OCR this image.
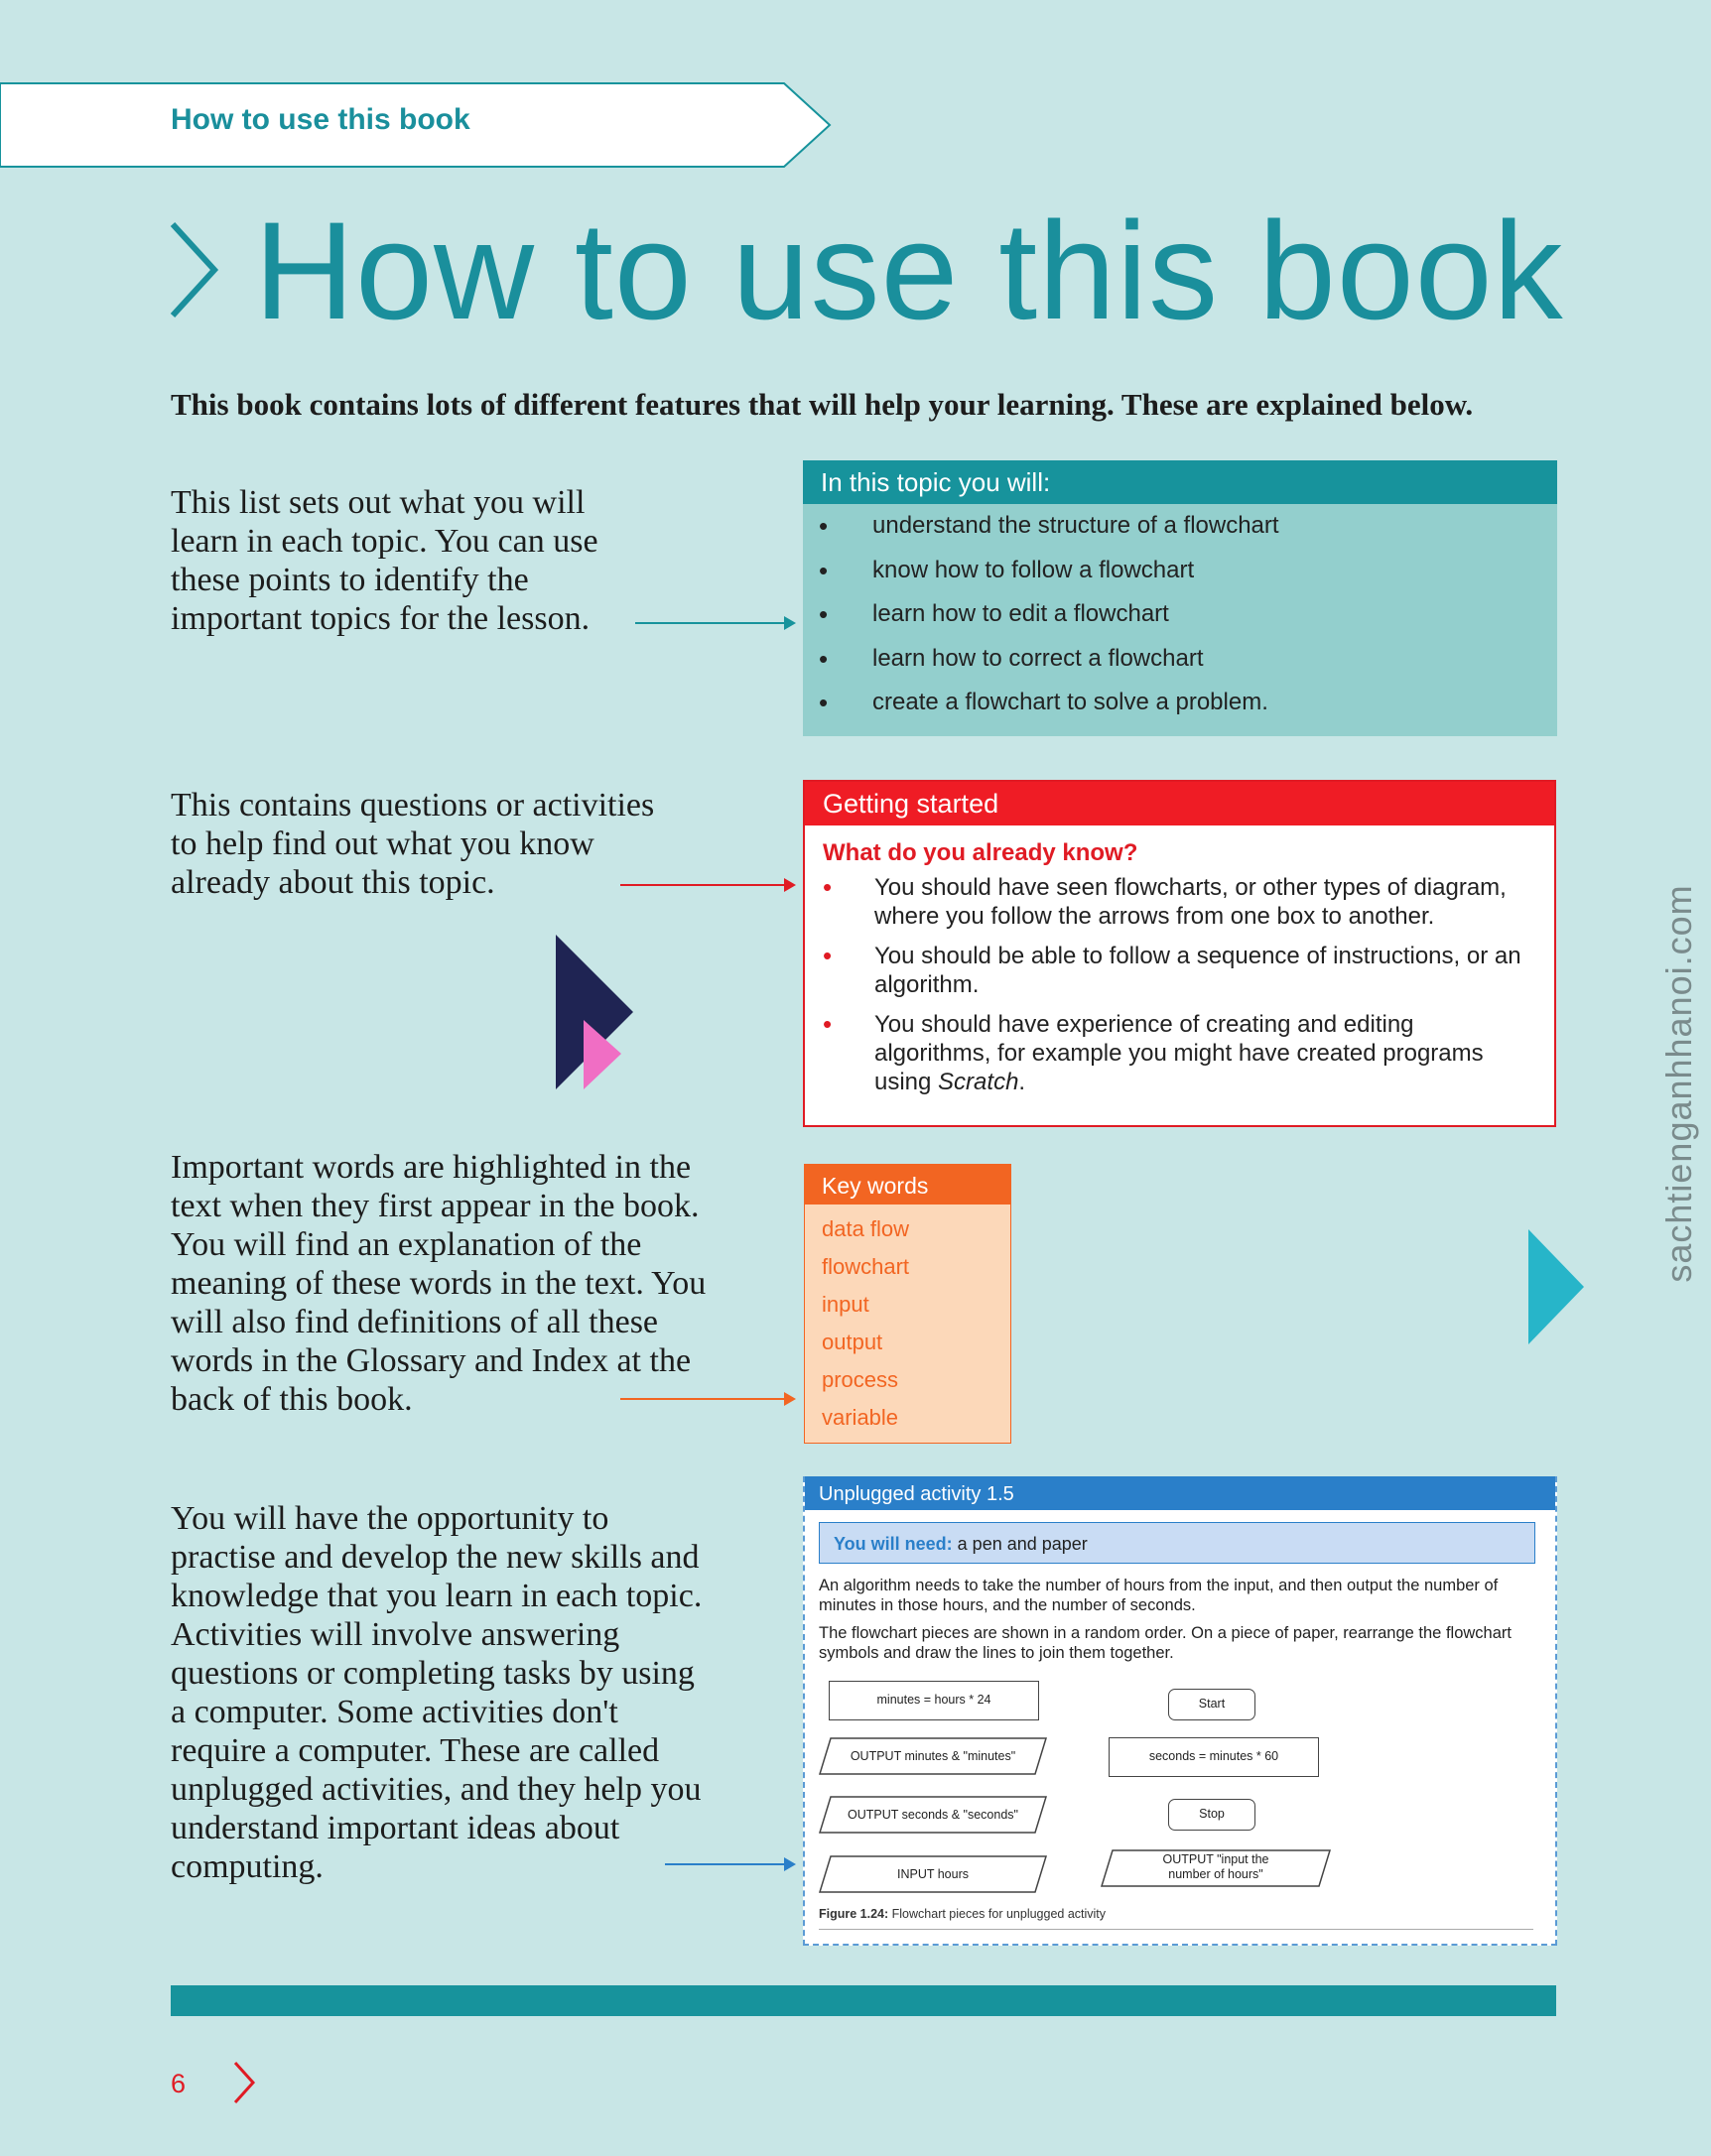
How to use this book
How to use this book
This book contains lots of different features that will help your learning. These are explained below.
This list sets out what you will learn in each topic. You can use these points to identify the important topics for the lesson.
This contains questions or activities to help find out what you know already about this topic.
Important words are highlighted in the text when they first appear in the book. You will find an explanation of the meaning of these words in the text. You will also find definitions of all these words in the Glossary and Index at the back of this book.
You will have the opportunity to practise and develop the new skills and knowledge that you learn in each topic. Activities will involve answering questions or completing tasks by using a computer. Some activities don't require a computer. These are called unplugged activities, and they help you understand important ideas about computing.
In this topic you will:
• understand the structure of a flowchart
• know how to follow a flowchart
• learn how to edit a flowchart
• learn how to correct a flowchart
• create a flowchart to solve a problem.
Getting started
What do you already know?
• You should have seen flowcharts, or other types of diagram, where you follow the arrows from one box to another.
• You should be able to follow a sequence of instructions, or an algorithm.
• You should have experience of creating and editing algorithms, for example you might have created programs using Scratch.
Key words
data flow
flowchart
input
output
process
variable
Unplugged activity 1.5
You will need: a pen and paper
An algorithm needs to take the number of hours from the input, and then output the number of minutes in those hours, and the number of seconds.
The flowchart pieces are shown in a random order. On a piece of paper, rearrange the flowchart symbols and draw the lines to join them together.
minutes = hours * 24	Start
OUTPUT minutes & "minutes"	seconds = minutes * 60
OUTPUT seconds & "seconds"	Stop
INPUT hours
OUTPUT "input the number of hours"
Figure 1.24: Flowchart pieces for unplugged activity
6
sachtienganhhanoi.com
